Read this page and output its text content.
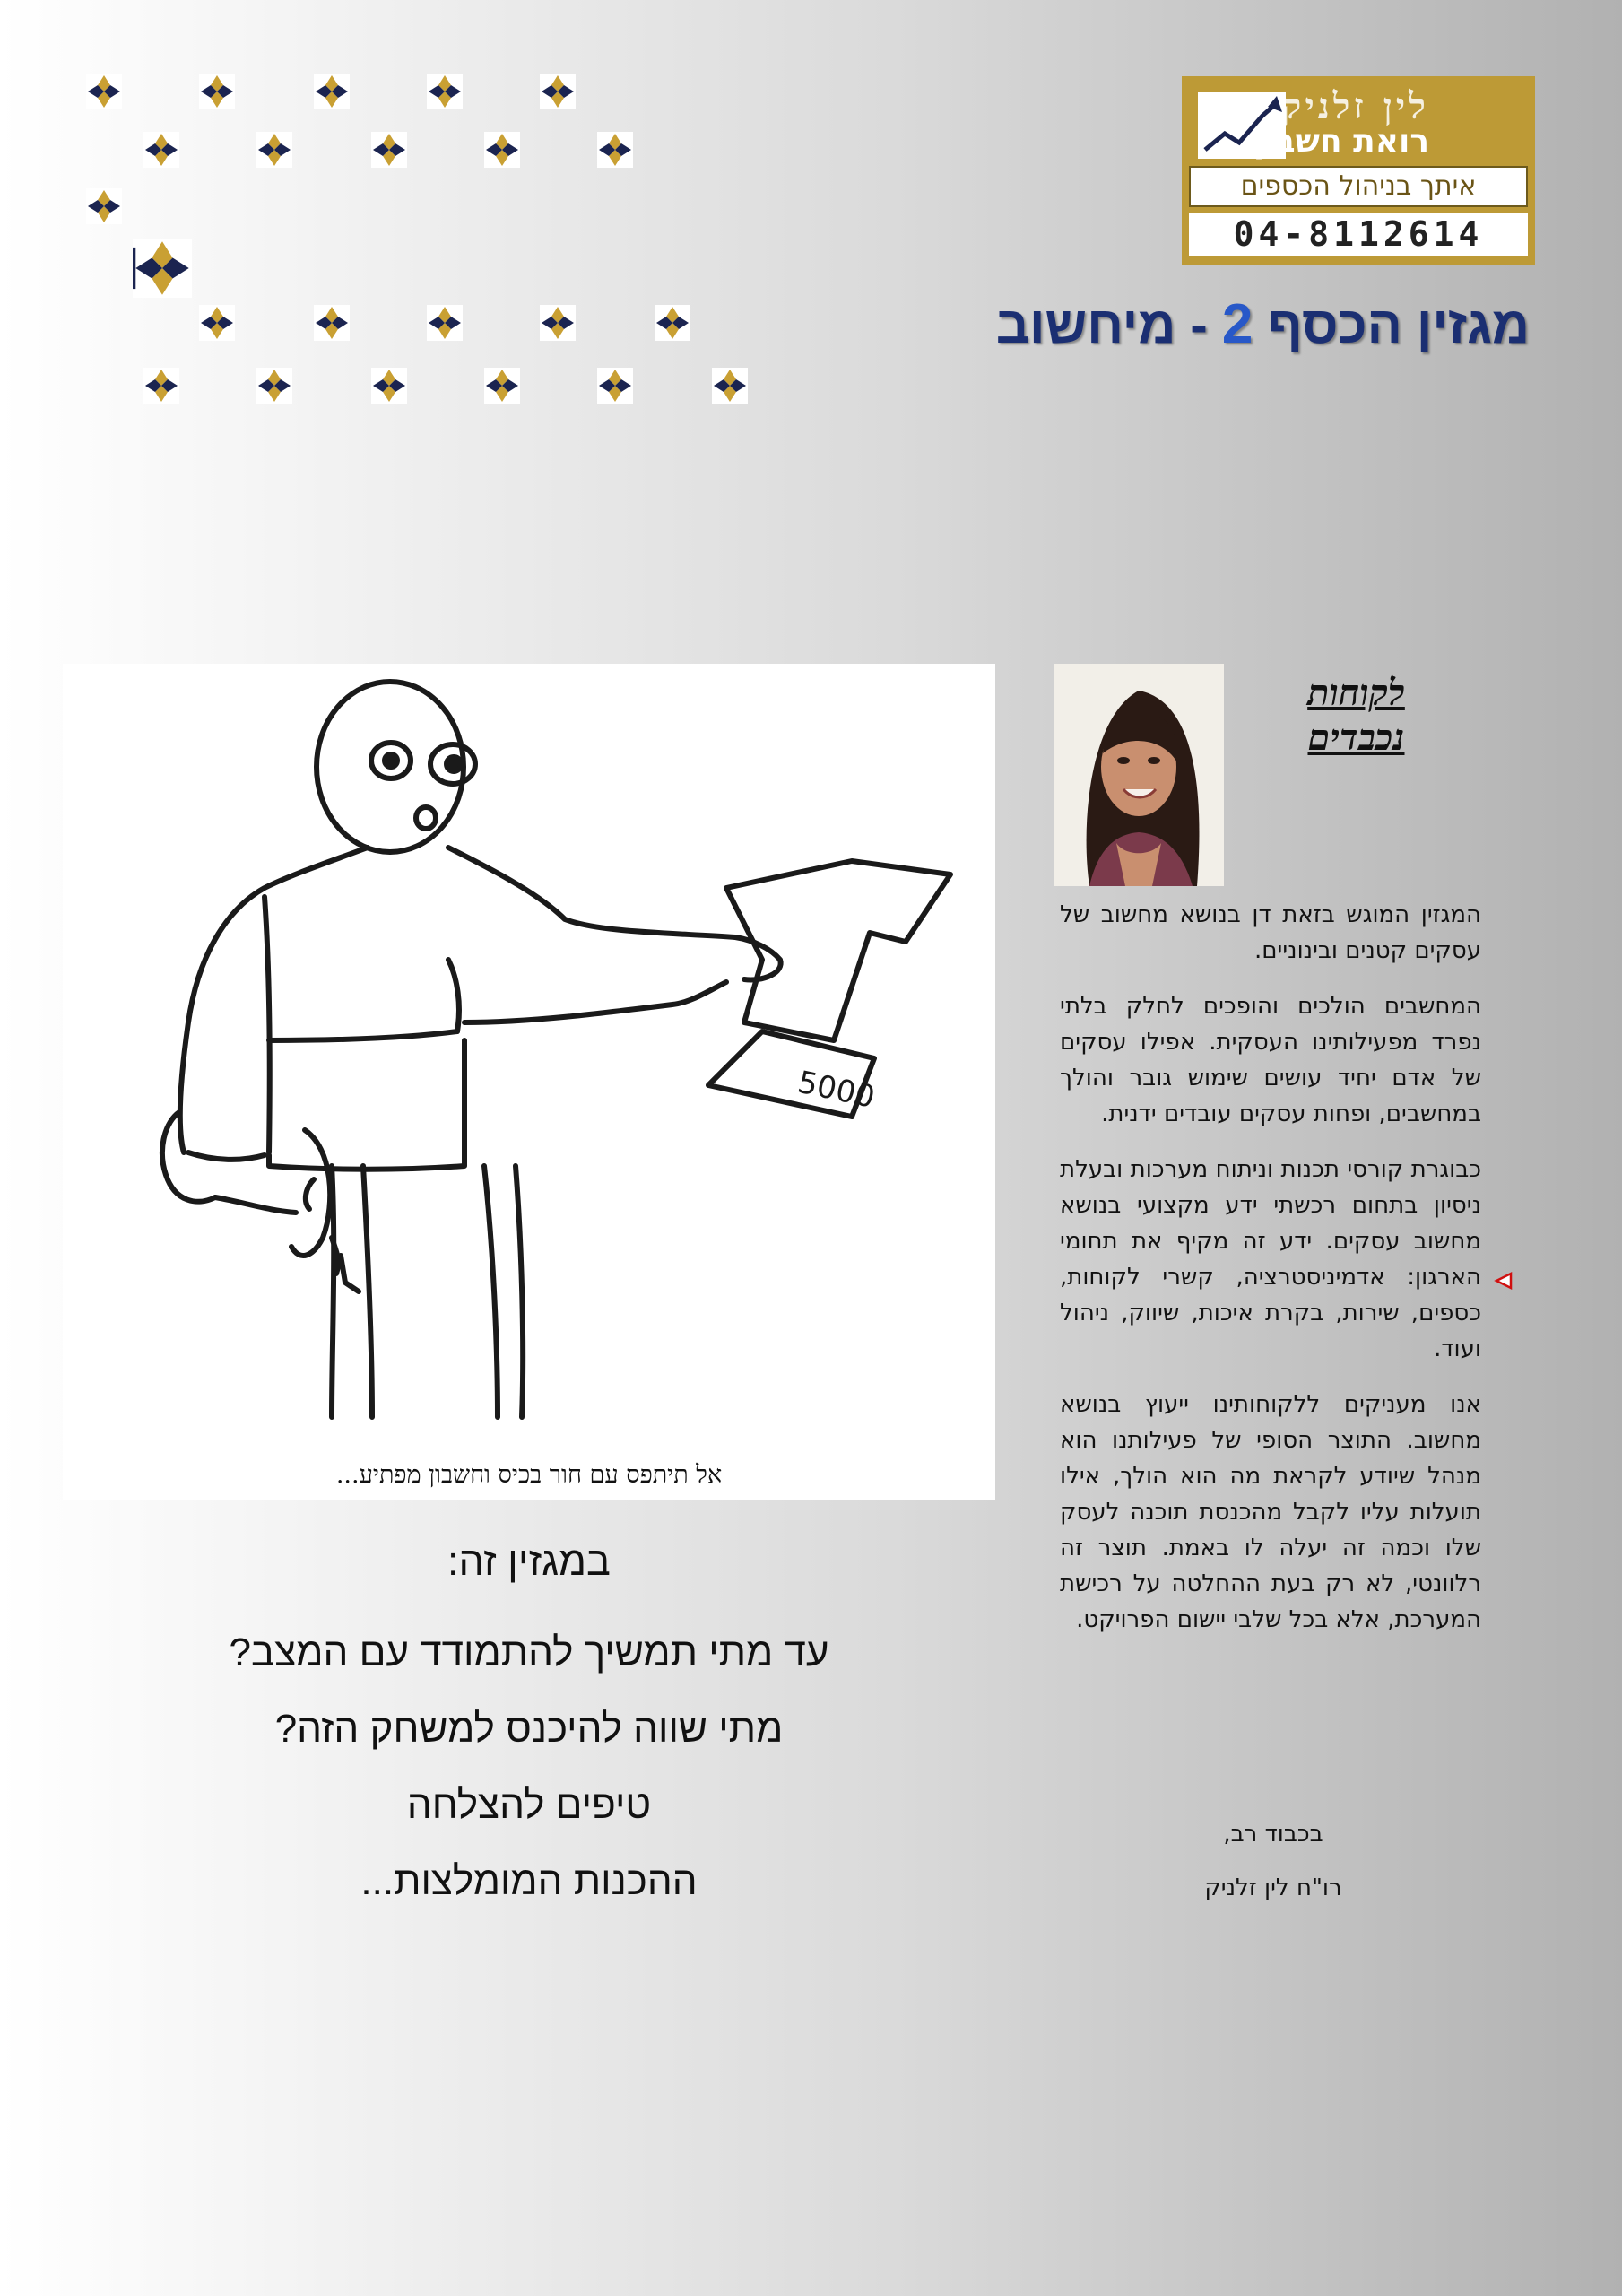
לין זלניק
רואת חשבון
איתך בניהול הכספים
04-8112614
מגזין הכסף 2 - מיחשוב
5000
אל תיתפס עם חור בכיס וחשבון מפתיע...
במגזין זה:
עד מתי תמשיך להתמודד עם המצב?
מתי שווה להיכנס למשחק הזה?
טיפים להצלחה
ההכנות המומלצות...
לקוחות
נכבדים

המגזין המוגש בזאת דן בנושא מחשוב של עסקים קטנים ובינוניים.

המחשבים הולכים והופכים לחלק בלתי נפרד מפעילותינו העסקית. אפילו עסקים של אדם יחיד עושים שימוש גובר והולך במחשבים, ופחות עסקים עובדים ידנית.

כבוגרת קורסי תכנות וניתוח מערכות ובעלת ניסיון בתחום רכשתי ידע מקצועי בנושא מחשוב עסקים. ידע זה מקיף את תחומי הארגון: אדמיניסטרציה, קשרי לקוחות, כספים, שירות, בקרת איכות, שיווק, ניהול ועוד.

אנו מעניקים ללקוחותינו ייעוץ בנושא מחשוב. התוצר הסופי של פעילותנו הוא מנהל שיודע לקראת מה הוא הולך, אילו תועלות עליו לקבל מהכנסת תוכנה לעסק שלו וכמה זה יעלה לו באמת. תוצר זה רלוונטי, לא רק בעת ההחלטה על רכישת המערכת, אלא בכל שלבי יישום הפרויקט.

בכבוד רב,
רו"ח לין זלניק
